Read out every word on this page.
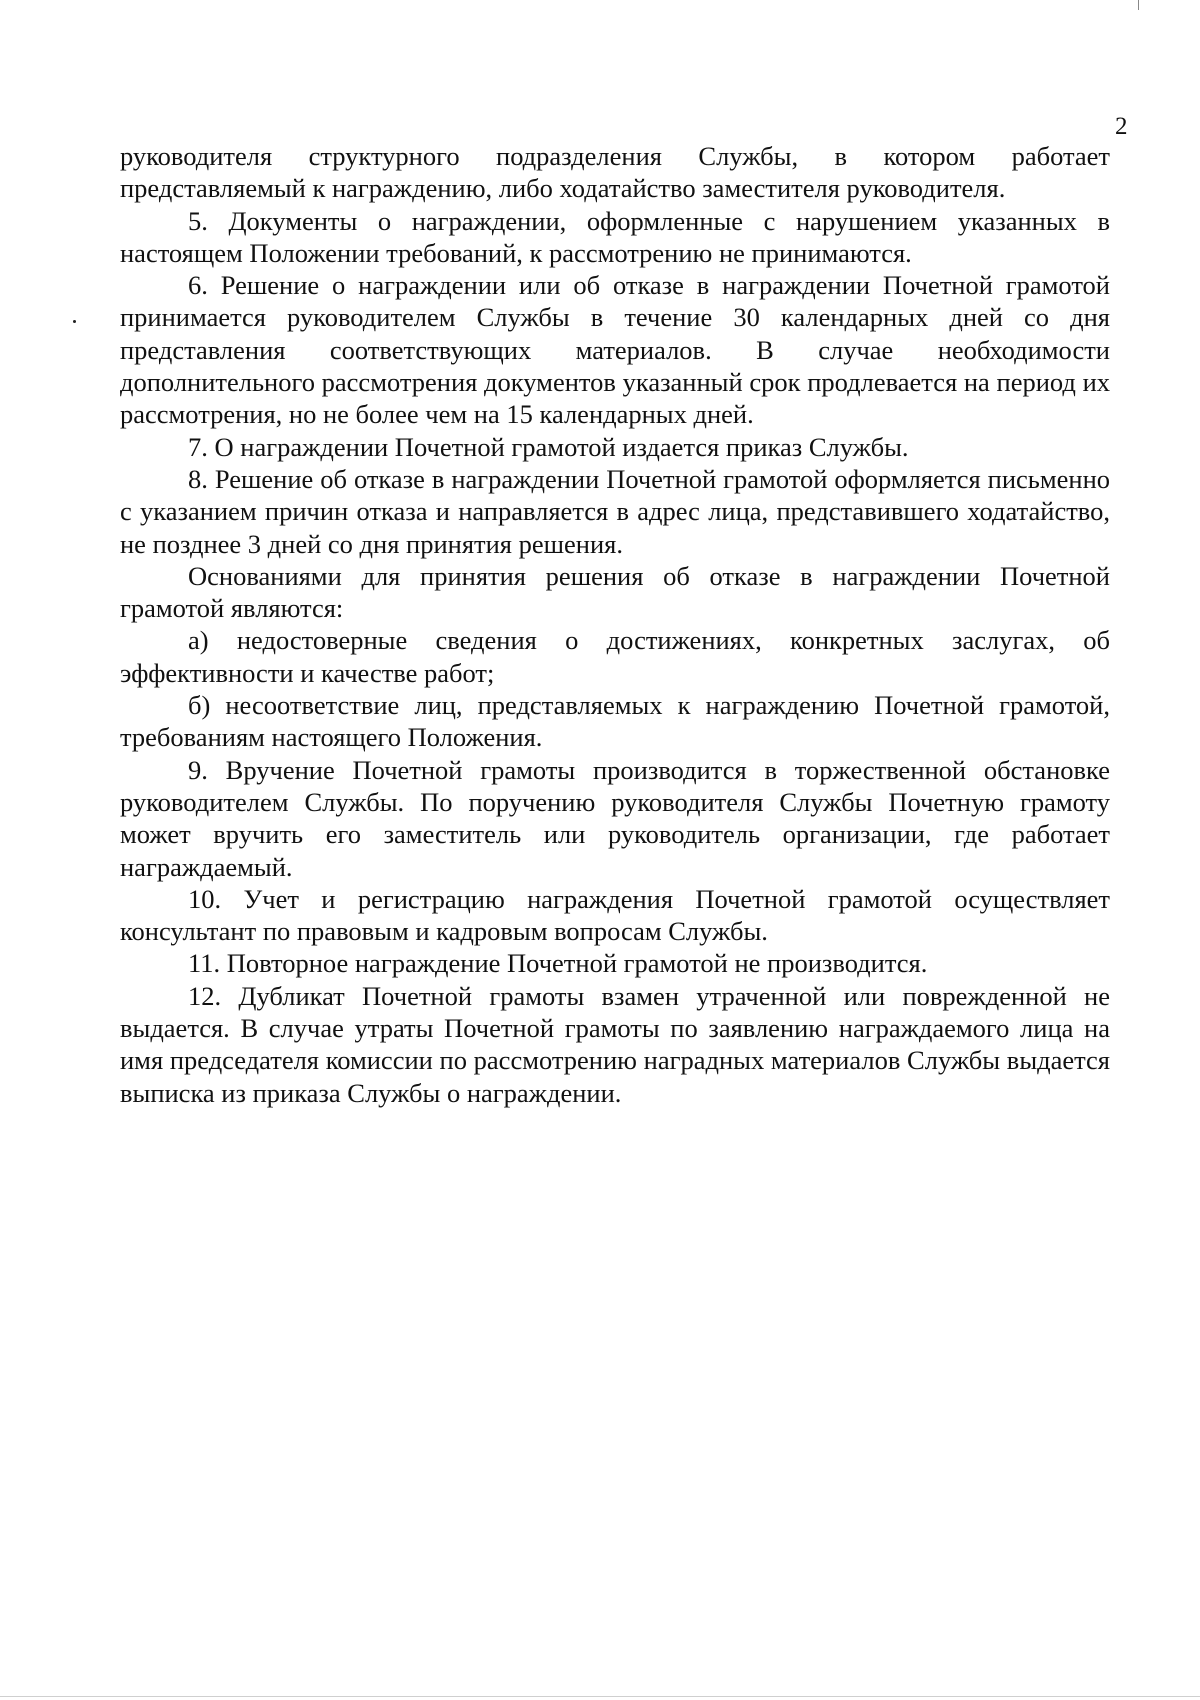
2

руководителя структурного подразделения Службы, в котором работает представляемый к награждению, либо ходатайство заместителя руководителя.

5. Документы о награждении, оформленные с нарушением указанных в настоящем Положении требований, к рассмотрению не принимаются.

6. Решение о награждении или об отказе в награждении Почетной грамотой принимается руководителем Службы в течение 30 календарных дней со дня представления соответствующих материалов. В случае необходимости дополнительного рассмотрения документов указанный срок продлевается на период их рассмотрения, но не более чем на 15 календарных дней.

7. О награждении Почетной грамотой издается приказ Службы.

8. Решение об отказе в награждении Почетной грамотой оформляется письменно с указанием причин отказа и направляется в адрес лица, представившего ходатайство, не позднее 3 дней со дня принятия решения.

Основаниями для принятия решения об отказе в награждении Почетной грамотой являются:

а) недостоверные сведения о достижениях, конкретных заслугах, об эффективности и качестве работ;

б) несоответствие лиц, представляемых к награждению Почетной грамотой, требованиям настоящего Положения.

9. Вручение Почетной грамоты производится в торжественной обстановке руководителем Службы. По поручению руководителя Службы Почетную грамоту может вручить его заместитель или руководитель организации, где работает награждаемый.

10. Учет и регистрацию награждения Почетной грамотой осуществляет консультант по правовым и кадровым вопросам Службы.

11. Повторное награждение Почетной грамотой не производится.

12. Дубликат Почетной грамоты взамен утраченной или поврежденной не выдается. В случае утраты Почетной грамоты по заявлению награждаемого лица на имя председателя комиссии по рассмотрению наградных материалов Службы выдается выписка из приказа Службы о награждении.
